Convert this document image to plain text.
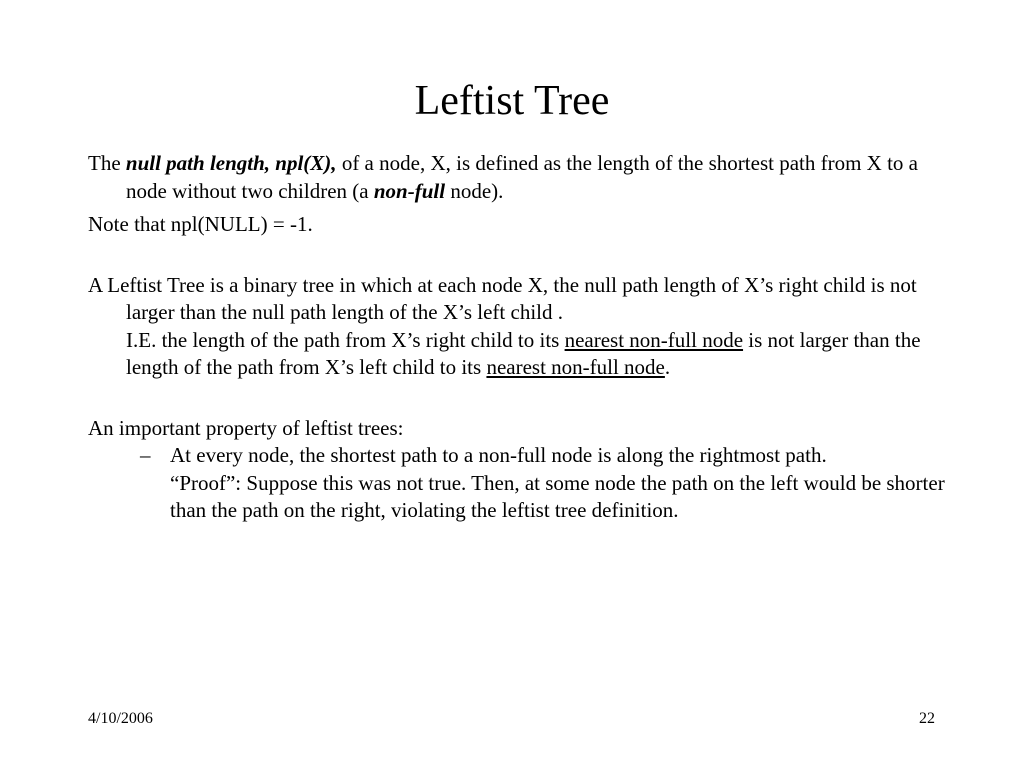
Leftist Tree

The null path length, npl(X), of a node, X, is defined as the length of the shortest path from X to a node without two children (a non-full node).

Note that npl(NULL) = -1.

A Leftist Tree is a binary tree in which at each node X, the null path length of X’s right child is not larger than the null path length of the X’s left child .
I.E. the length of the path from X’s right child to its nearest non-full node is not larger than the length of the path from X’s left child to its nearest non-full node.

An important property of leftist trees:

– At every node, the shortest path to a non-full node is along the rightmost path.

“Proof”: Suppose this was not true. Then, at some node the path on the left would be shorter than the path on the right, violating the leftist tree definition.

4/10/2006	22
